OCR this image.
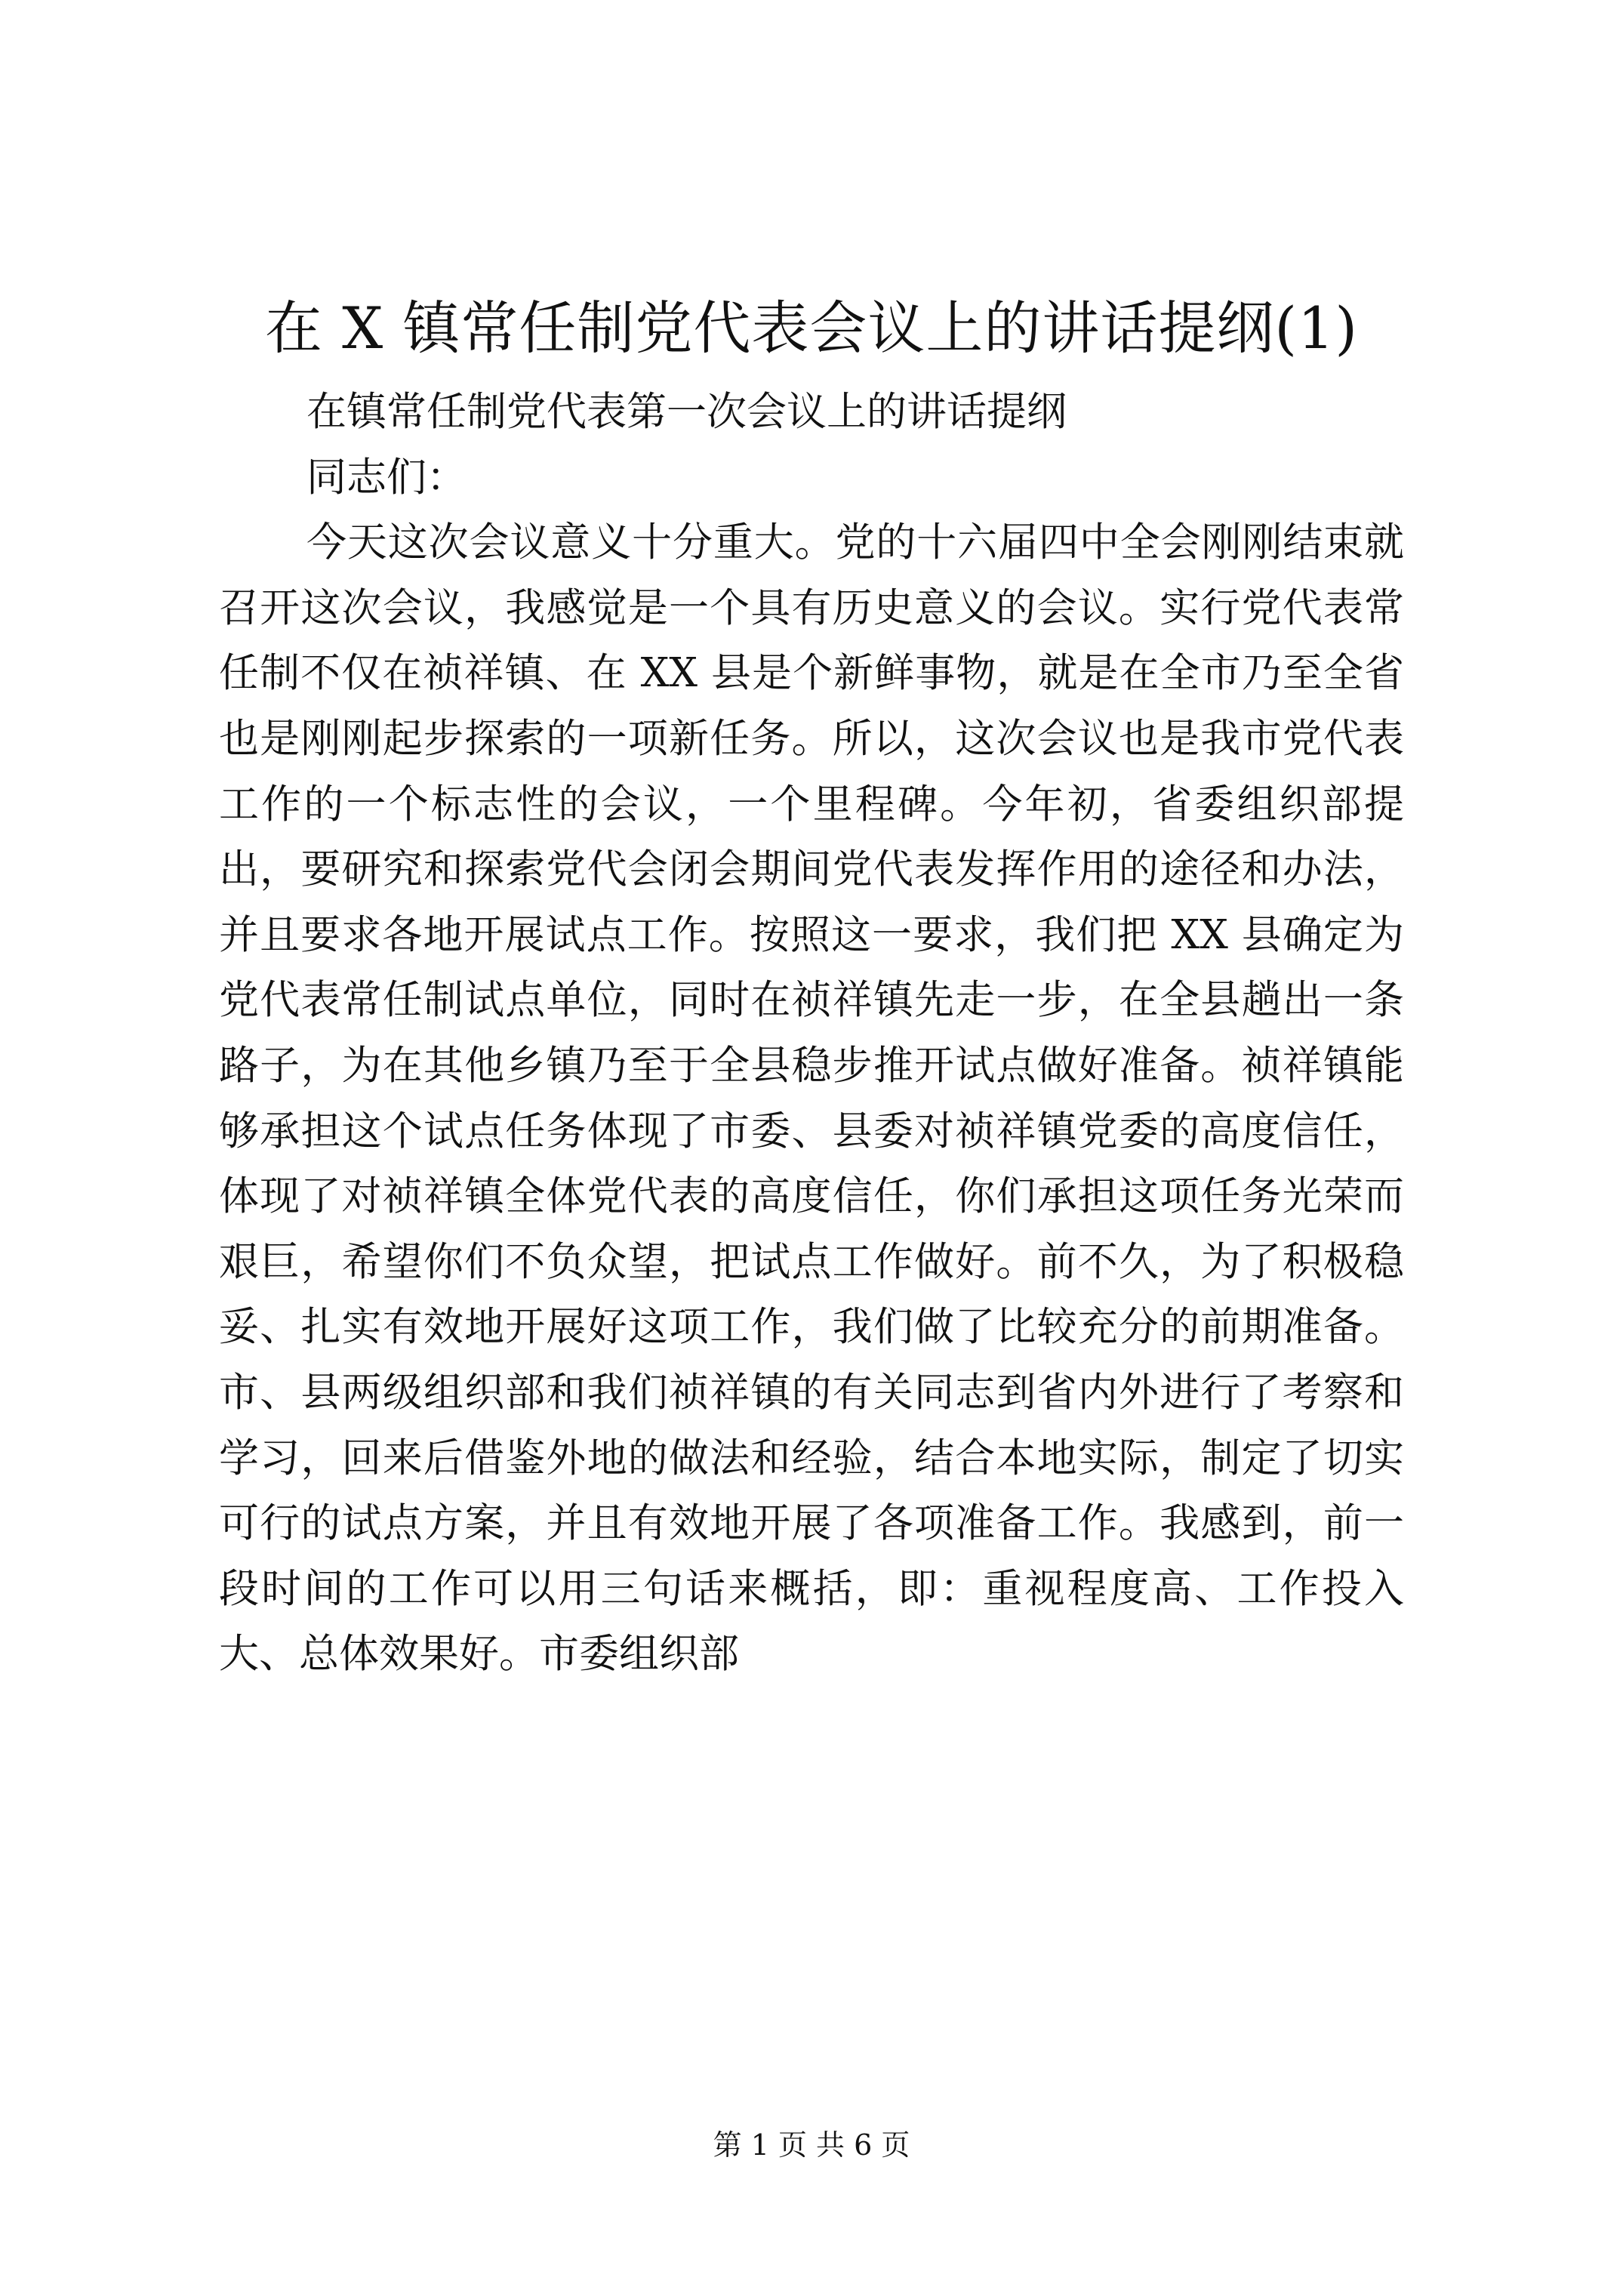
在 X 镇常任制党代表会议上的讲话提纲(1)

在镇常任制党代表第一次会议上的讲话提纲

同志们：

今天这次会议意义十分重大。党的十六届四中全会刚刚结束就召开这次会议，我感觉是一个具有历史意义的会议。实行党代表常任制不仅在祯祥镇、在 XX 县是个新鲜事物，就是在全市乃至全省也是刚刚起步探索的一项新任务。所以，这次会议也是我市党代表工作的一个标志性的会议，一个里程碑。今年初，省委组织部提出，要研究和探索党代会闭会期间党代表发挥作用的途径和办法，并且要求各地开展试点工作。按照这一要求，我们把 XX 县确定为党代表常任制试点单位，同时在祯祥镇先走一步，在全县趟出一条路子，为在其他乡镇乃至于全县稳步推开试点做好准备。祯祥镇能够承担这个试点任务体现了市委、县委对祯祥镇党委的高度信任，体现了对祯祥镇全体党代表的高度信任，你们承担这项任务光荣而艰巨，希望你们不负众望，把试点工作做好。前不久，为了积极稳妥、扎实有效地开展好这项工作，我们做了比较充分的前期准备。市、县两级组织部和我们祯祥镇的有关同志到省内外进行了考察和学习，回来后借鉴外地的做法和经验，结合本地实际，制定了切实可行的试点方案，并且有效地开展了各项准备工作。我感到，前一段时间的工作可以用三句话来概括，即：重视程度高、工作投入大、总体效果好。市委组织部

第 1 页 共 6 页
